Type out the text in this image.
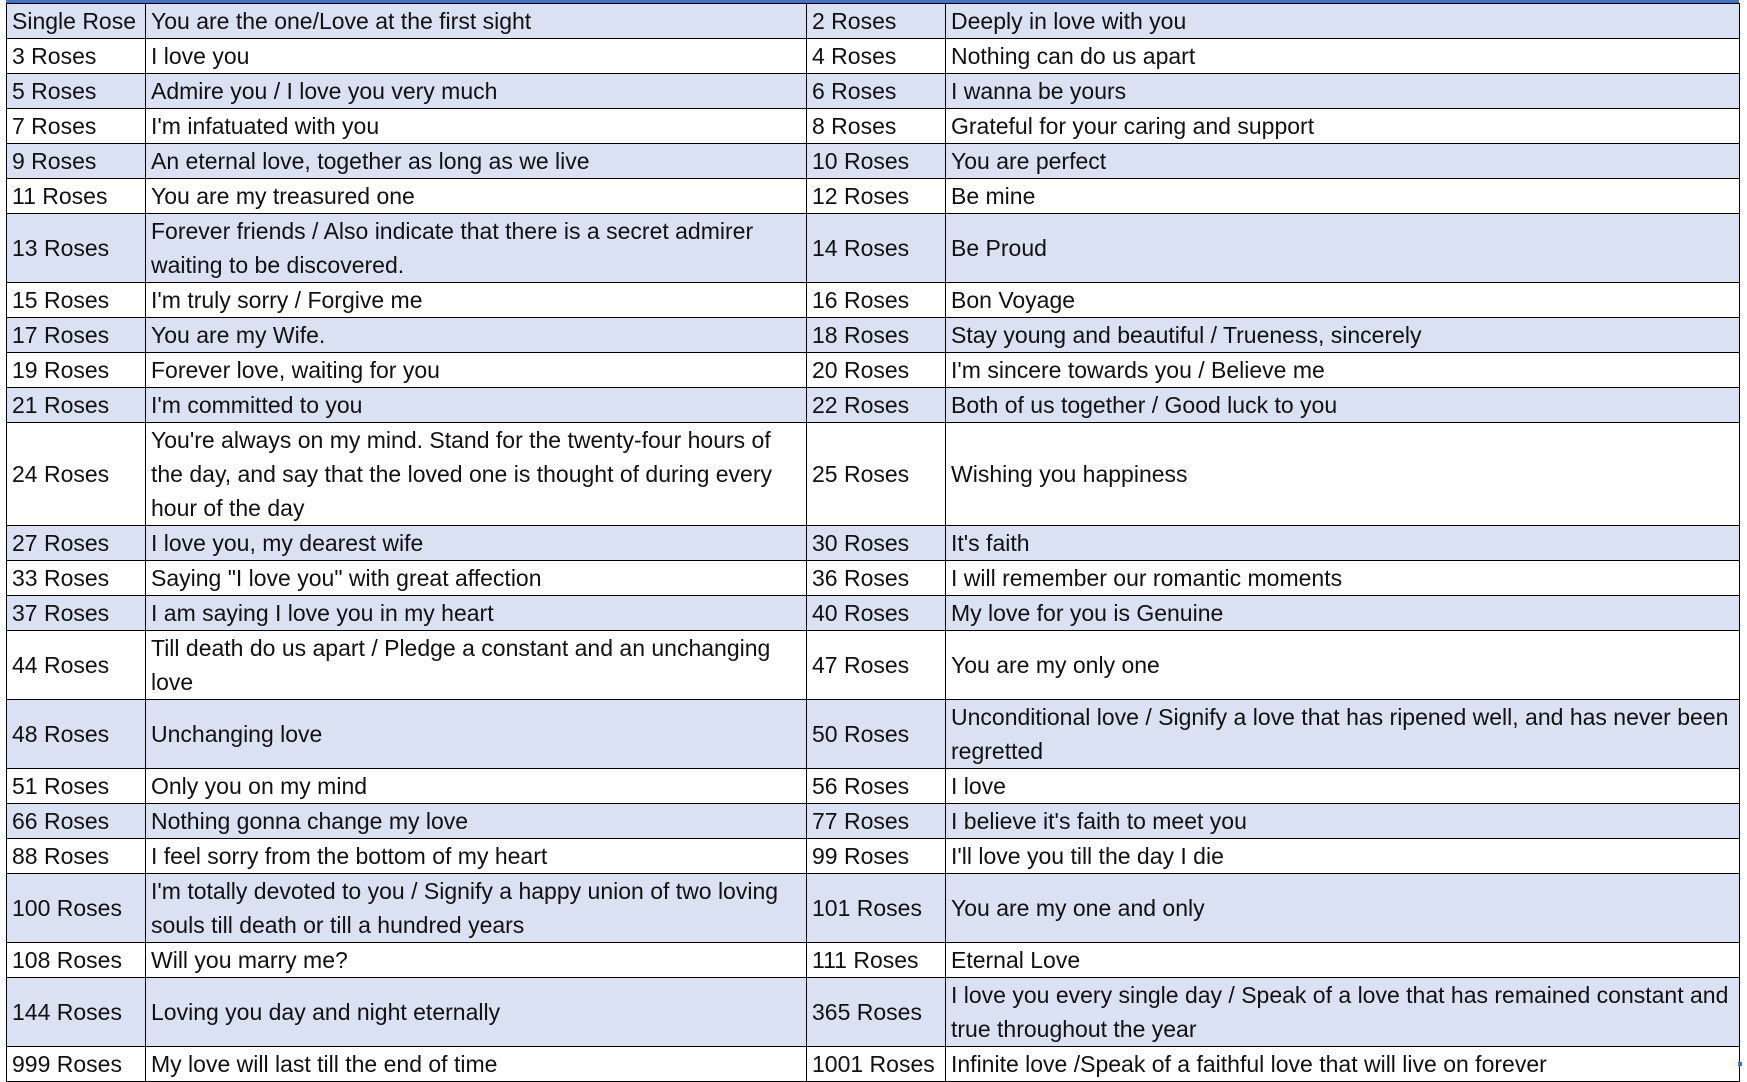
Single Rose	You are the one/Love at the first sight	2 Roses	Deeply in love with you
3 Roses	I love you	4 Roses	Nothing can do us apart
5 Roses	Admire you / I love you very much	6 Roses	I wanna be yours
7 Roses	I'm infatuated with you	8 Roses	Grateful for your caring and support
9 Roses	An eternal love, together as long as we live	10 Roses	You are perfect
11 Roses	You are my treasured one	12 Roses	Be mine
13 Roses	Forever friends / Also indicate that there is a secret admirer waiting to be discovered.	14 Roses	Be Proud
15 Roses	I'm truly sorry / Forgive me	16 Roses	Bon Voyage
17 Roses	You are my Wife.	18 Roses	Stay young and beautiful / Trueness, sincerely
19 Roses	Forever love, waiting for you	20 Roses	I'm sincere towards you / Believe me
21 Roses	I'm committed to you	22 Roses	Both of us together / Good luck to you
24 Roses	You're always on my mind. Stand for the twenty-four hours of the day, and say that the loved one is thought of during every hour of the day	25 Roses	Wishing you happiness
27 Roses	I love you, my dearest wife	30 Roses	It's faith
33 Roses	Saying "I love you" with great affection	36 Roses	I will remember our romantic moments
37 Roses	I am saying I love you in my heart	40 Roses	My love for you is Genuine
44 Roses	Till death do us apart / Pledge a constant and an unchanging love	47 Roses	You are my only one
48 Roses	Unchanging love	50 Roses	Unconditional love / Signify a love that has ripened well, and has never been regretted
51 Roses	Only you on my mind	56 Roses	I love
66 Roses	Nothing gonna change my love	77 Roses	I believe it's faith to meet you
88 Roses	I feel sorry from the bottom of my heart	99 Roses	I'll love you till the day I die
100 Roses	I'm totally devoted to you / Signify a happy union of two loving souls till death or till a hundred years	101 Roses	You are my one and only
108 Roses	Will you marry me?	111 Roses	Eternal Love
144 Roses	Loving you day and night eternally	365 Roses	I love you every single day / Speak of a love that has remained constant and true throughout the year
999 Roses	My love will last till the end of time	1001 Roses	Infinite love /Speak of a faithful love that will live on forever
